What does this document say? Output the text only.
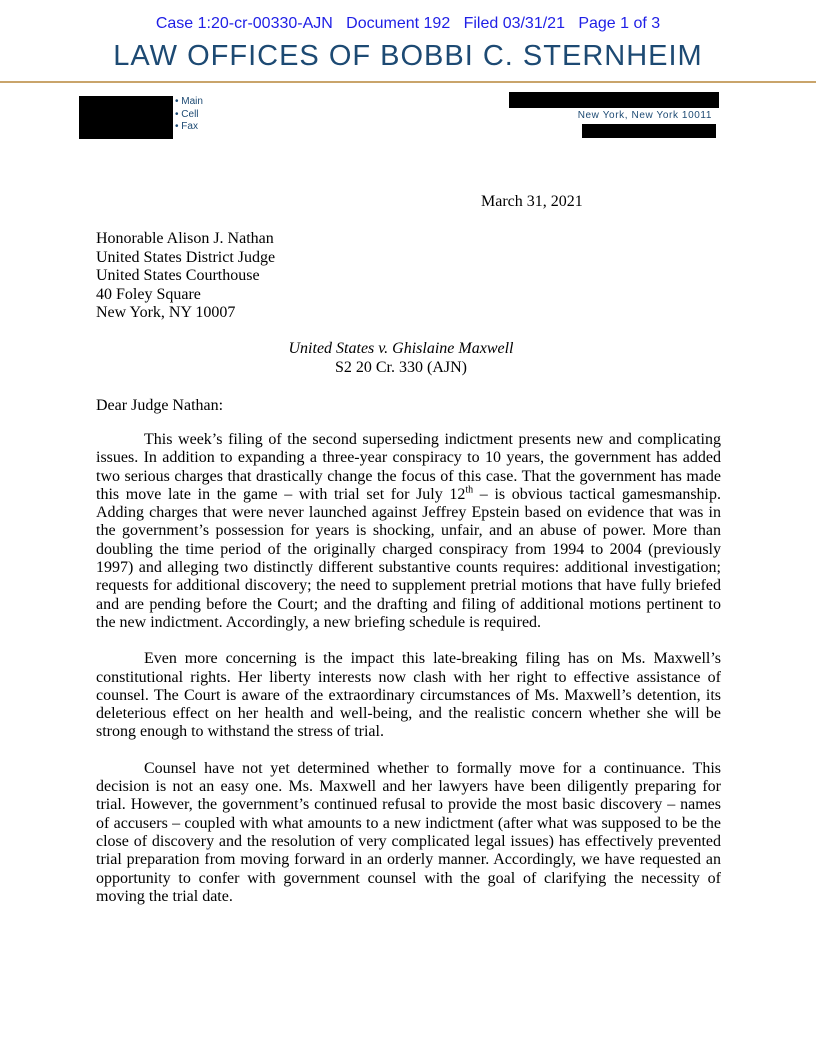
Case 1:20-cr-00330-AJN Document 192 Filed 03/31/21 Page 1 of 3
LAW OFFICES OF BOBBI C. STERNHEIM
• Main
• Cell
• Fax
New York, New York 10011
March 31, 2021
Honorable Alison J. Nathan
United States District Judge
United States Courthouse
40 Foley Square
New York, NY 10007
United States v. Ghislaine Maxwell
S2 20 Cr. 330 (AJN)
Dear Judge Nathan:

This week’s filing of the second superseding indictment presents new and complicating issues. In addition to expanding a three-year conspiracy to 10 years, the government has added two serious charges that drastically change the focus of this case. That the government has made this move late in the game – with trial set for July 12th – is obvious tactical gamesmanship. Adding charges that were never launched against Jeffrey Epstein based on evidence that was in the government’s possession for years is shocking, unfair, and an abuse of power. More than doubling the time period of the originally charged conspiracy from 1994 to 2004 (previously 1997) and alleging two distinctly different substantive counts requires: additional investigation; requests for additional discovery; the need to supplement pretrial motions that have fully briefed and are pending before the Court; and the drafting and filing of additional motions pertinent to the new indictment. Accordingly, a new briefing schedule is required.

Even more concerning is the impact this late-breaking filing has on Ms. Maxwell’s constitutional rights. Her liberty interests now clash with her right to effective assistance of counsel. The Court is aware of the extraordinary circumstances of Ms. Maxwell’s detention, its deleterious effect on her health and well-being, and the realistic concern whether she will be strong enough to withstand the stress of trial.

Counsel have not yet determined whether to formally move for a continuance. This decision is not an easy one. Ms. Maxwell and her lawyers have been diligently preparing for trial. However, the government’s continued refusal to provide the most basic discovery – names of accusers – coupled with what amounts to a new indictment (after what was supposed to be the close of discovery and the resolution of very complicated legal issues) has effectively prevented trial preparation from moving forward in an orderly manner. Accordingly, we have requested an opportunity to confer with government counsel with the goal of clarifying the necessity of moving the trial date.
